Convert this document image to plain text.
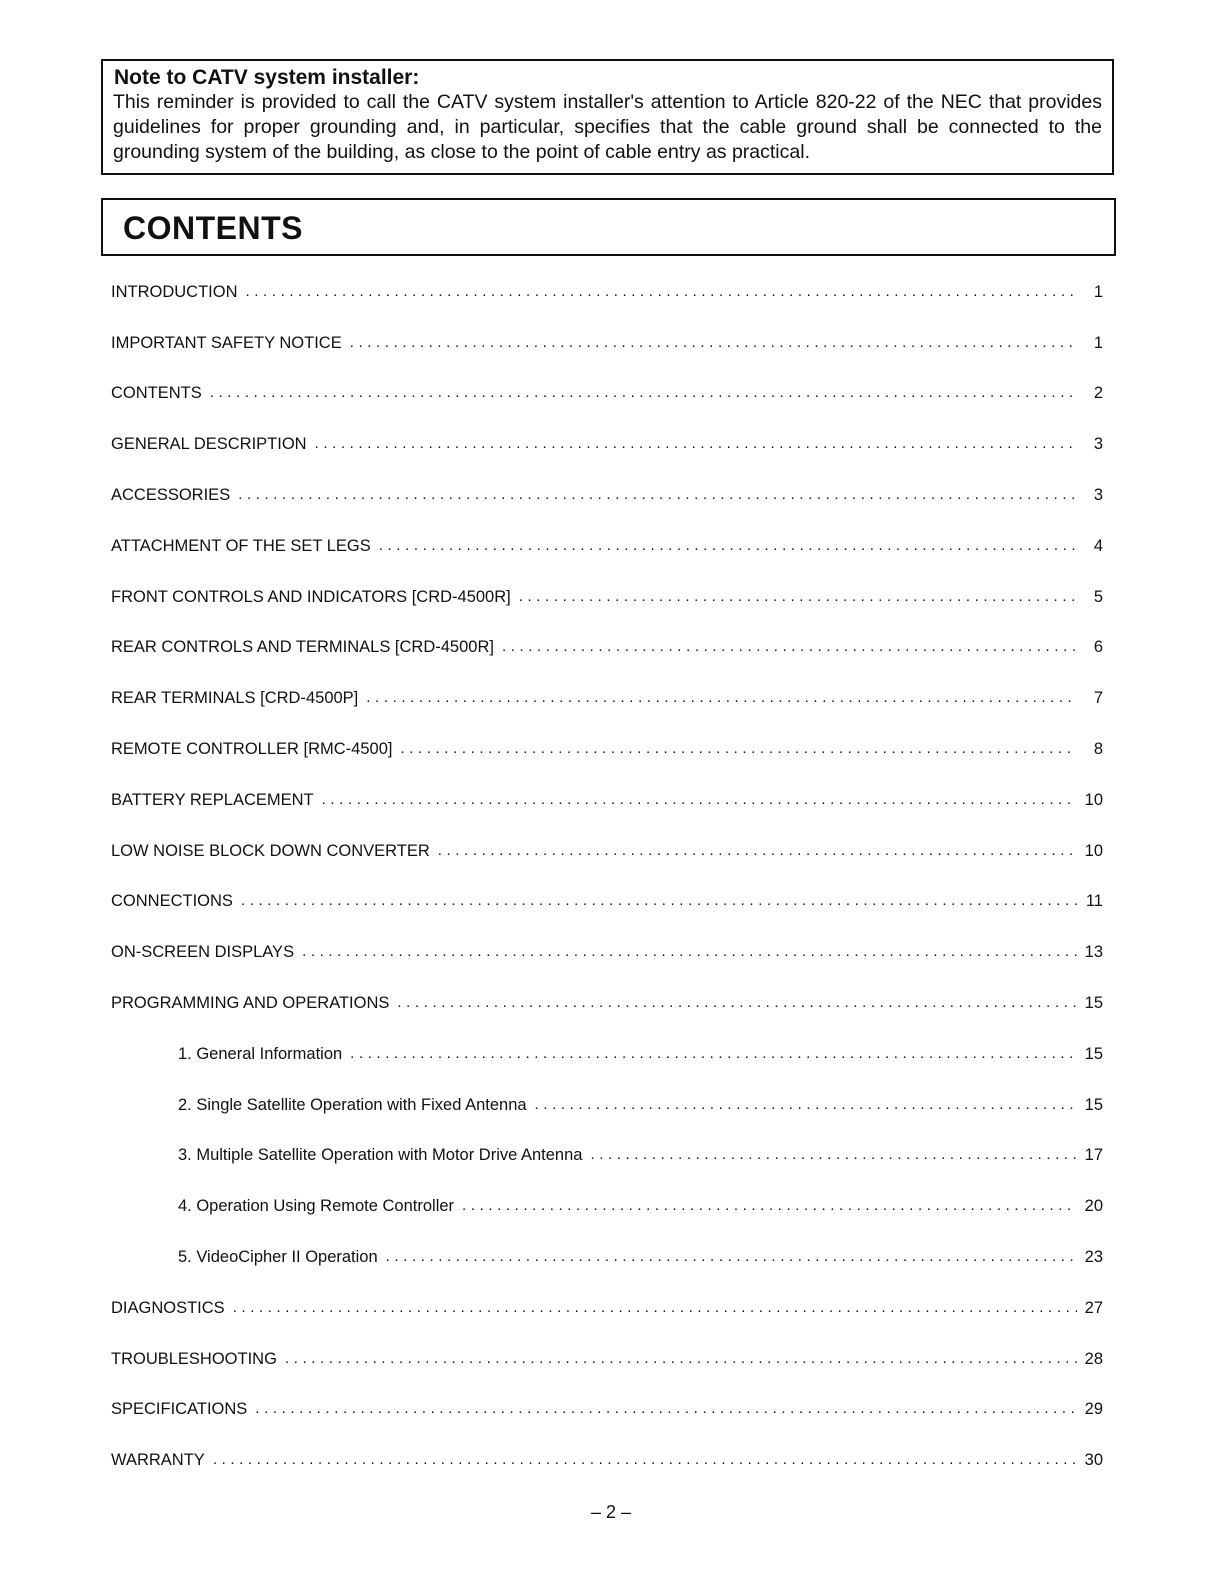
Note to CATV system installer:
This reminder is provided to call the CATV system installer's attention to Article 820-22 of the NEC that provides guidelines for proper grounding and, in particular, specifies that the cable ground shall be connected to the grounding system of the building, as close to the point of cable entry as practical.
CONTENTS
INTRODUCTION .....	1
IMPORTANT SAFETY NOTICE .....	1
CONTENTS .....	2
GENERAL DESCRIPTION .....	3
ACCESSORIES .....	3
ATTACHMENT OF THE SET LEGS .....	4
FRONT CONTROLS AND INDICATORS [CRD-4500R] .....	5
REAR CONTROLS AND TERMINALS [CRD-4500R] .....	6
REAR TERMINALS [CRD-4500P] .....	7
REMOTE CONTROLLER [RMC-4500] .....	8
BATTERY REPLACEMENT .....	10
LOW NOISE BLOCK DOWN CONVERTER .....	10
CONNECTIONS .....	11
ON-SCREEN DISPLAYS .....	13
PROGRAMMING AND OPERATIONS .....	15
1. General Information .....	15
2. Single Satellite Operation with Fixed Antenna .....	15
3. Multiple Satellite Operation with Motor Drive Antenna .....	17
4. Operation Using Remote Controller .....	20
5. VideoCipher II Operation .....	23
DIAGNOSTICS .....	27
TROUBLESHOOTING .....	28
SPECIFICATIONS .....	29
WARRANTY .....	30
– 2 –
